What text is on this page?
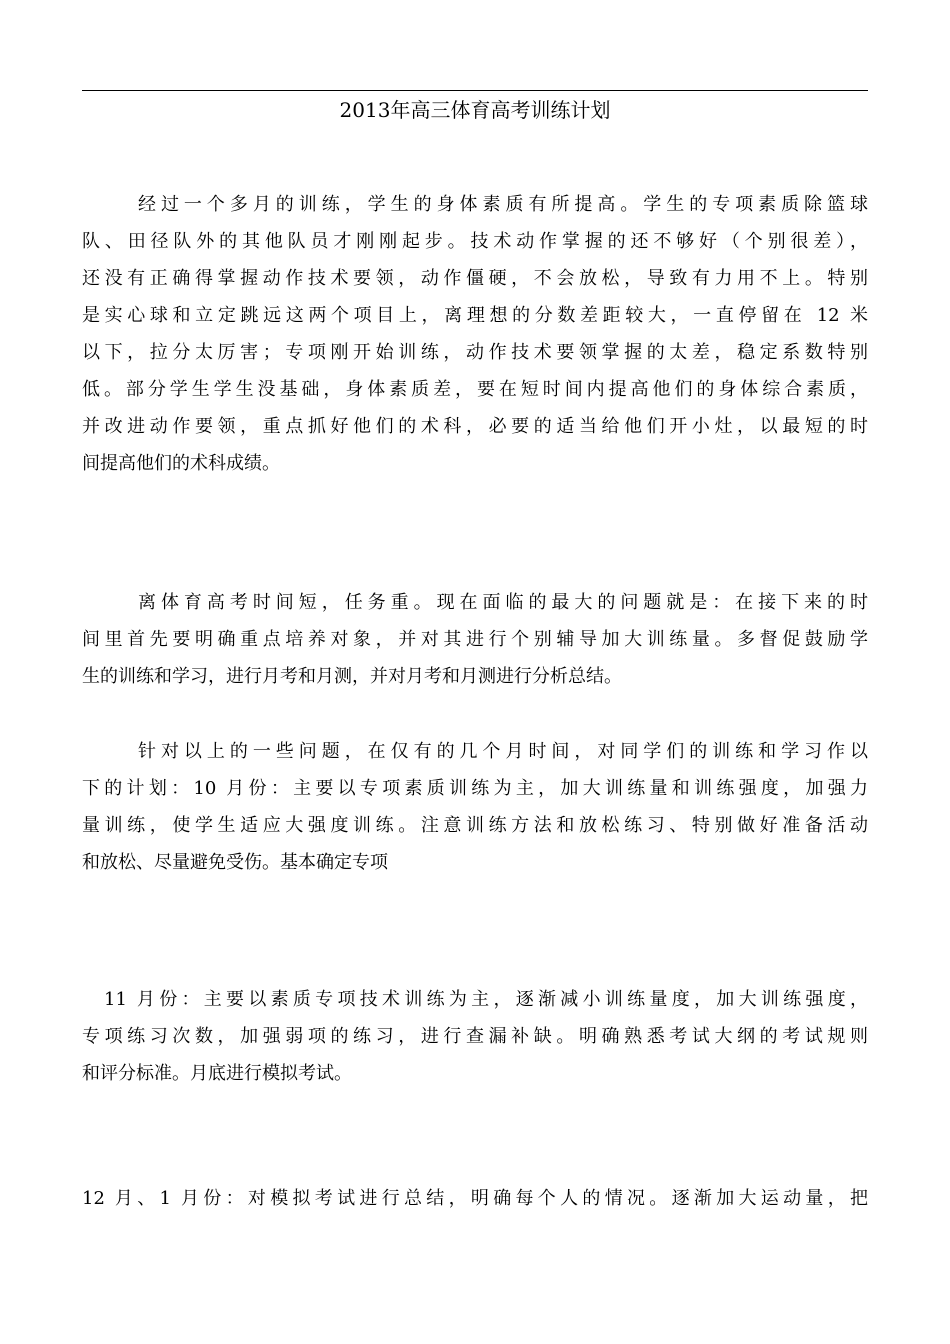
2013年高三体育高考训练计划
经过一个多月的训练，学生的身体素质有所提高。学生的专项素质除篮球
队、田径队外的其他队员才刚刚起步。技术动作掌握的还不够好（个别很差），
还没有正确得掌握动作技术要领，动作僵硬，不会放松，导致有力用不上。特别
是实心球和立定跳远这两个项目上，离理想的分数差距较大，一直停留在 12 米
以下，拉分太厉害；专项刚开始训练，动作技术要领掌握的太差，稳定系数特别
低。部分学生学生没基础，身体素质差，要在短时间内提高他们的身体综合素质，
并改进动作要领，重点抓好他们的术科，必要的适当给他们开小灶，以最短的时
间提高他们的术科成绩。
离体育高考时间短，任务重。现在面临的最大的问题就是：在接下来的时
间里首先要明确重点培养对象，并对其进行个别辅导加大训练量。多督促鼓励学
生的训练和学习，进行月考和月测，并对月考和月测进行分析总结。
针对以上的一些问题，在仅有的几个月时间，对同学们的训练和学习作以
下的计划：10 月份：主要以专项素质训练为主，加大训练量和训练强度，加强力
量训练，使学生适应大强度训练。注意训练方法和放松练习、特别做好准备活动
和放松、尽量避免受伤。基本确定专项
11 月份：主要以素质专项技术训练为主，逐渐减小训练量度，加大训练强度，
专项练习次数，加强弱项的练习，进行查漏补缺。明确熟悉考试大纲的考试规则
和评分标准。月底进行模拟考试。
12 月、1 月份：对模拟考试进行总结，明确每个人的情况。逐渐加大运动量，把
